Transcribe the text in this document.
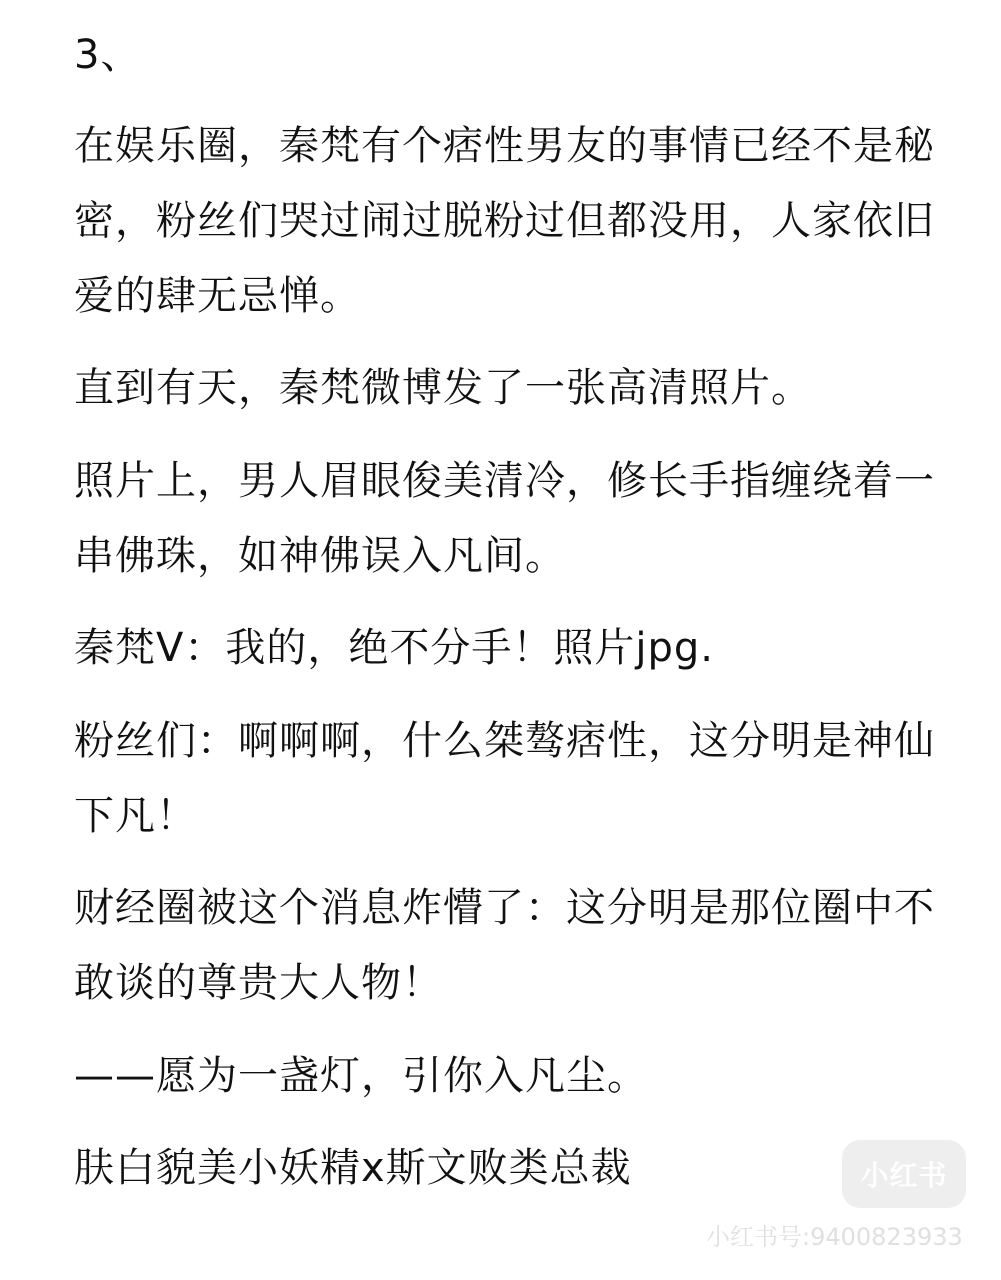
3、
在娱乐圈，秦梵有个痞性男友的事情已经不是秘
密，粉丝们哭过闹过脱粉过但都没用，人家依旧
爱的肆无忌惮。
直到有天，秦梵微博发了一张高清照片。
照片上，男人眉眼俊美清冷，修长手指缠绕着一
串佛珠，如神佛误入凡间。
秦梵V：我的，绝不分手！照片jpg.
粉丝们：啊啊啊，什么桀骜痞性，这分明是神仙
下凡！
财经圈被这个消息炸懵了：这分明是那位圈中不
敢谈的尊贵大人物！
——愿为一盏灯，引你入凡尘。
肤白貌美小妖精x斯文败类总裁	小红书
小红书号:9400823933
